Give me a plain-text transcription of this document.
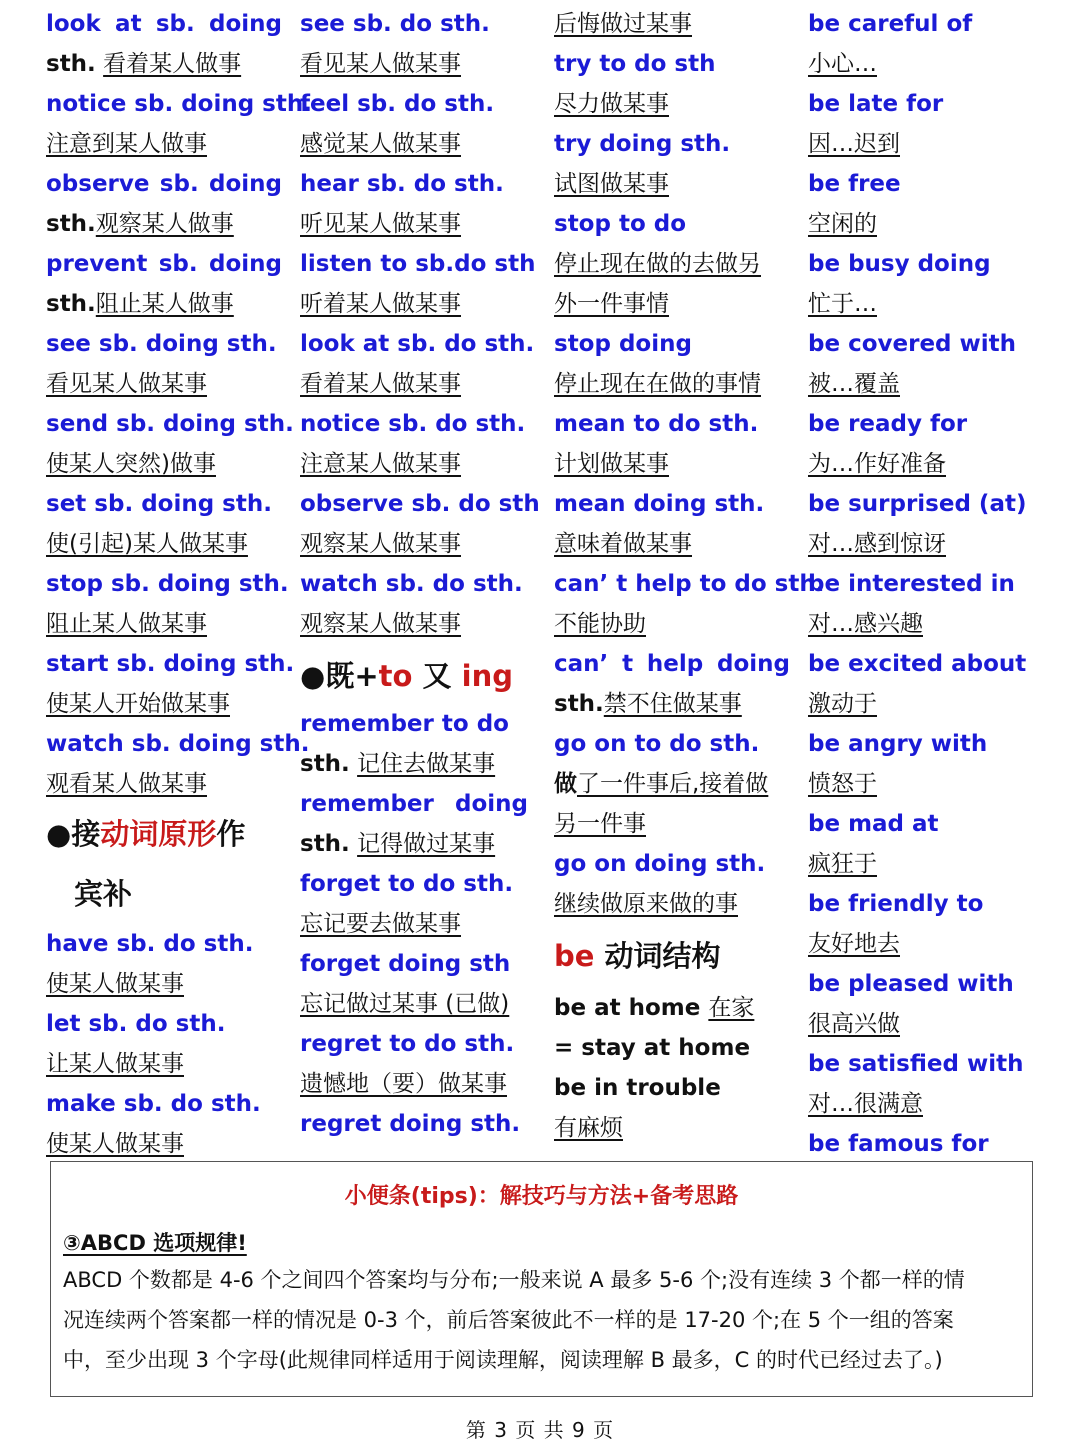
look at sb. doing
sth. 看着某人做事
notice sb. doing sth.
注意到某人做事
observe sb. doing
sth.观察某人做事
prevent sb. doing
sth.阻止某人做事
see sb. doing sth.
看见某人做某事
send sb. doing sth.
使某人突然)做事
set sb. doing sth.
使(引起)某人做某事
stop sb. doing sth.
阻止某人做某事
start sb. doing sth.
使某人开始做某事
watch sb. doing sth.
观看某人做某事
●接动词原形作
宾补
have sb. do sth.
使某人做某事
let sb. do sth.
让某人做某事
make sb. do sth.
使某人做某事
see sb. do sth.
看见某人做某事
feel sb. do sth.
感觉某人做某事
hear sb. do sth.
听见某人做某事
listen to sb.do sth
听着某人做某事
look at sb. do sth.
看着某人做某事
notice sb. do sth.
注意某人做某事
observe sb. do sth
观察某人做某事
watch sb. do sth.
观察某人做某事
●既+to 又 ing
remember to do
sth. 记住去做某事
remember doing
sth. 记得做过某事
forget to do sth.
忘记要去做某事
forget doing sth
忘记做过某事 (已做)
regret to do sth.
遗憾地（要）做某事
regret doing sth.
后悔做过某事
try to do sth
尽力做某事
try doing sth.
试图做某事
stop to do
停止现在做的去做另
外一件事情
stop doing
停止现在在做的事情
mean to do sth.
计划做某事
mean doing sth.
意味着做某事
can’ t help to do sth.
不能协助
can’ t help doing
sth.禁不住做某事
go on to do sth.
做了一件事后,接着做
另一件事
go on doing sth.
继续做原来做的事
be 动词结构
be at home 在家
= stay at home
be in trouble
有麻烦
be careful of
小心…
be late for
因…迟到
be free
空闲的
be busy doing
忙于…
be covered with
被…覆盖
be ready for
为…作好准备
be surprised (at)
对…感到惊讶
be interested in
对…感兴趣
be excited about
激动于
be angry with
愤怒于
be mad at
疯狂于
be friendly to
友好地去
be pleased with
很高兴做
be satisfied with
对…很满意
be famous for
小便条(tips)：解技巧与方法+备考思路
③ABCD 选项规律!
ABCD 个数都是 4-6 个之间四个答案均与分布;一般来说 A 最多 5-6 个;没有连续 3 个都一样的情
况连续两个答案都一样的情况是 0-3 个，前后答案彼此不一样的是 17-20 个;在 5 个一组的答案
中，至少出现 3 个字母(此规律同样适用于阅读理解，阅读理解 B 最多，C 的时代已经过去了。)
第 3 页 共 9 页
